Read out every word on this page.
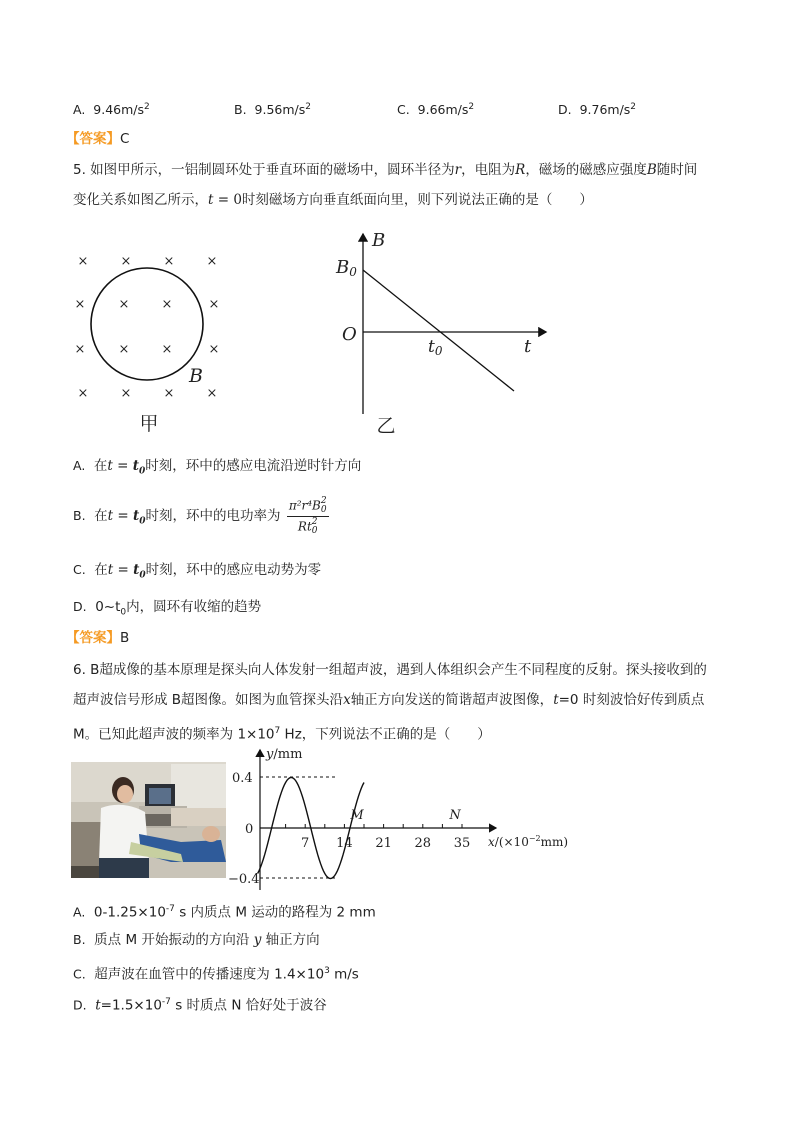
A. $9.46m/s^2$	B. $9.56m/s^2$	C. $9.66m/s^2$	D. $9.76m/s^2$
【答案】C
5. 如图甲所示，一铝制圆环处于垂直环面的磁场中，圆环半径为r，电阻为R，磁场的磁感应强度B随时间
变化关系如图乙所示，t = 0时刻磁场方向垂直纸面向里，则下列说法正确的是（　　）
× × × ×
×	× ×	×
×	× ×	×
× × × ×
B
甲
B
B0
O
t0	t
乙
A. 在$t = t_0$时刻，环中的感应电流沿逆时针方向
B. 在$t = t_0$时刻，环中的电功率为 π²r⁴B 2
0
Rt 2
0
C. 在$t = t_0$时刻，环中的感应电动势为零
D. $0\sim t_0$内，圆环有收缩的趋势
【答案】B
6. B超成像的基本原理是探头向人体发射一组超声波，遇到人体组织会产生不同程度的反射。探头接收到的
超声波信号形成 B超图像。如图为血管探头沿x轴正方向发送的简谐超声波图像，t=0 时刻波恰好传到质点
M。已知此超声波的频率为 $1\times 10^7$ Hz，下列说法不正确的是（　　）
y/mm
0.4
0
−0.4
7 14 21 28 35
M	N
$x/(\times 10^{-2}mm)$
A. $0-1.25\times 10^{-7}$ s 内质点 M 运动的路程为 2 mm
B. 质点 M 开始振动的方向沿 y 轴正方向
C. 超声波在血管中的传播速度为 $1.4\times 10^3$ m/s
D. $t=1.5\times 10^{-7}$ s 时质点 N 恰好处于波谷
